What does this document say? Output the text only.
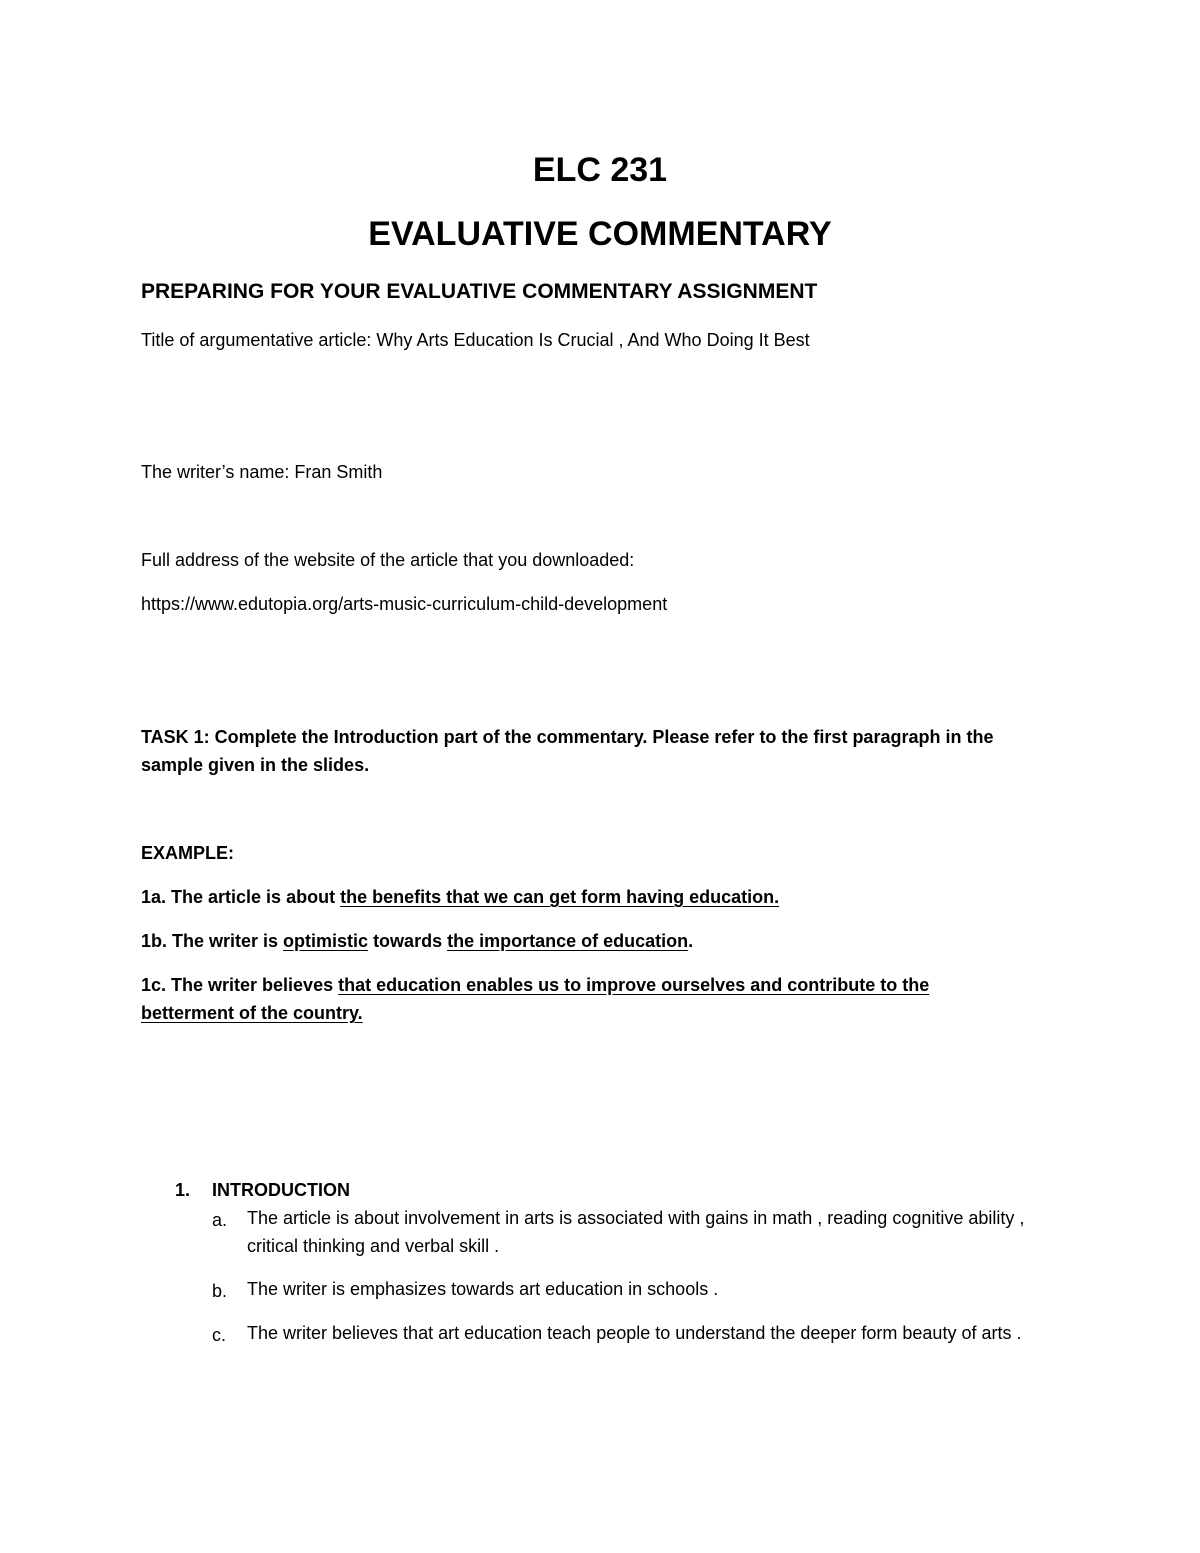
ELC 231
EVALUATIVE COMMENTARY
PREPARING FOR YOUR EVALUATIVE COMMENTARY ASSIGNMENT
Title of argumentative article: Why Arts Education Is Crucial , And Who Doing It Best
The writer’s name: Fran Smith
Full address of the website of the article that you downloaded:
https://www.edutopia.org/arts-music-curriculum-child-development
TASK 1: Complete the Introduction part of the commentary. Please refer to the first paragraph in the
sample given in the slides.
EXAMPLE:
1a. The article is about the benefits that we can get form having education.
1b. The writer is optimistic towards the importance of education.
1c. The writer believes that education enables us to improve ourselves and contribute to the
betterment of the country.
1. INTRODUCTION
a. The article is about involvement in arts is associated with gains in math , reading cognitive ability , critical thinking and verbal skill .
b. The writer is emphasizes towards art education in schools .
c. The writer believes that art education teach people to understand the deeper form beauty of arts .
